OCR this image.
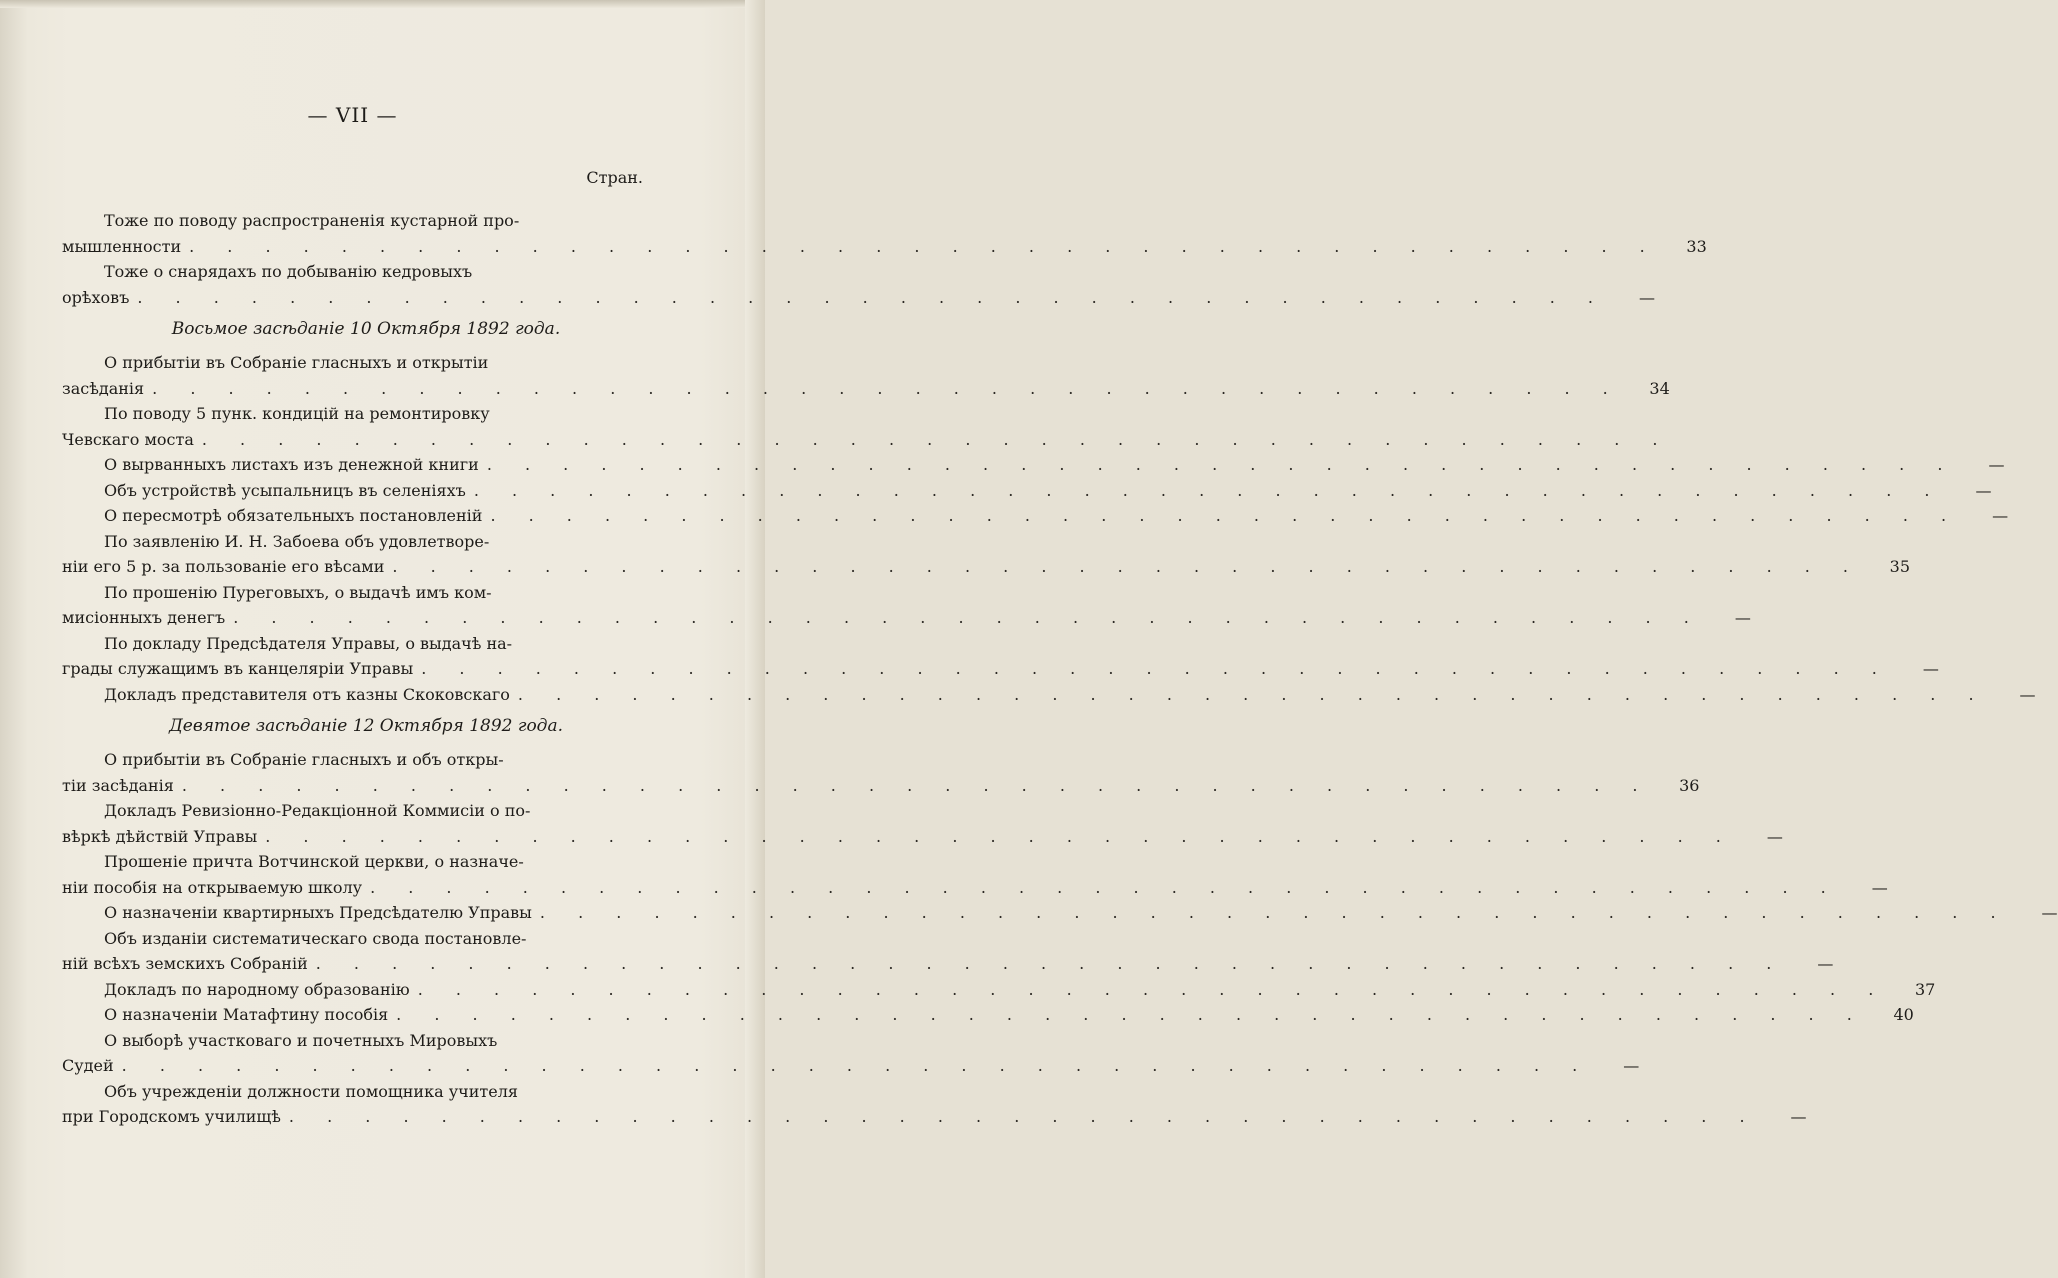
— VII —
Стран.
Тоже по поводу распространенія кустарной про-
мышленности . . . . . . . . . . . . . . . . . . . . . . . . . . . . . . . . . . . . . . .	33
Тоже о снарядахъ по добыванію кедровыхъ
орѣховъ . . . . . . . . . . . . . . . . . . . . . . . . . . . . . . . . . . . . . . .	—
Восьмое засѣданіе 10 Октября 1892 года.
О прибытіи въ Собраніе гласныхъ и открытіи
засѣданія . . . . . . . . . . . . . . . . . . . . . . . . . . . . . . . . . . . . . . .	34
По поводу 5 пунк. кондицій на ремонтировку
Чевскаго моста . . . . . . . . . . . . . . . . . . . . . . . . . . . . . . . . . . . . . . .
О вырванныхъ листахъ изъ денежной книги . . . . . . . . . . . . . . . . . . . . . . . . . . . . . . . . . . . . . . .	—
Объ устройствѣ усыпальницъ въ селеніяхъ . . . . . . . . . . . . . . . . . . . . . . . . . . . . . . . . . . . . . . .	—
О пересмотрѣ обязательныхъ постановленій . . . . . . . . . . . . . . . . . . . . . . . . . . . . . . . . . . . . . . .	—
По заявленію И. Н. Забоева объ удовлетворе-
ніи его 5 р. за пользованіе его вѣсами . . . . . . . . . . . . . . . . . . . . . . . . . . . . . . . . . . . . . . .	35
По прошенію Пуреговыхъ, о выдачѣ имъ ком-
мисіонныхъ денегъ . . . . . . . . . . . . . . . . . . . . . . . . . . . . . . . . . . . . . . .	—
По докладу Предсѣдателя Управы, о выдачѣ на-
грады служащимъ въ канцеляріи Управы . . . . . . . . . . . . . . . . . . . . . . . . . . . . . . . . . . . . . . .	—
Докладъ представителя отъ казны Скоковскаго . . . . . . . . . . . . . . . . . . . . . . . . . . . . . . . . . . . . . . .	—
Девятое засѣданіе 12 Октября 1892 года.
О прибытіи въ Собраніе гласныхъ и объ откры-
тіи засѣданія . . . . . . . . . . . . . . . . . . . . . . . . . . . . . . . . . . . . . . .	36
Докладъ Ревизіонно-Редакціонной Коммисіи о по-
вѣркѣ дѣйствій Управы . . . . . . . . . . . . . . . . . . . . . . . . . . . . . . . . . . . . . . .	—
Прошеніе причта Вотчинской церкви, о назначе-
ніи пособія на открываемую школу . . . . . . . . . . . . . . . . . . . . . . . . . . . . . . . . . . . . . . .	—
О назначеніи квартирныхъ Предсѣдателю Управы . . . . . . . . . . . . . . . . . . . . . . . . . . . . . . . . . . . . . . .	—
Объ изданіи систематическаго свода постановле-
ній всѣхъ земскихъ Собраній . . . . . . . . . . . . . . . . . . . . . . . . . . . . . . . . . . . . . . .	—
Докладъ по народному образованію . . . . . . . . . . . . . . . . . . . . . . . . . . . . . . . . . . . . . . .	37
О назначеніи Матафтину пособія . . . . . . . . . . . . . . . . . . . . . . . . . . . . . . . . . . . . . . .	40
О выборѣ участковаго и почетныхъ Мировыхъ
Судей . . . . . . . . . . . . . . . . . . . . . . . . . . . . . . . . . . . . . . .	—
Объ учрежденіи должности помощника учителя
при Городскомъ училищѣ . . . . . . . . . . . . . . . . . . . . . . . . . . . . . . . . . . . . . . .	—
